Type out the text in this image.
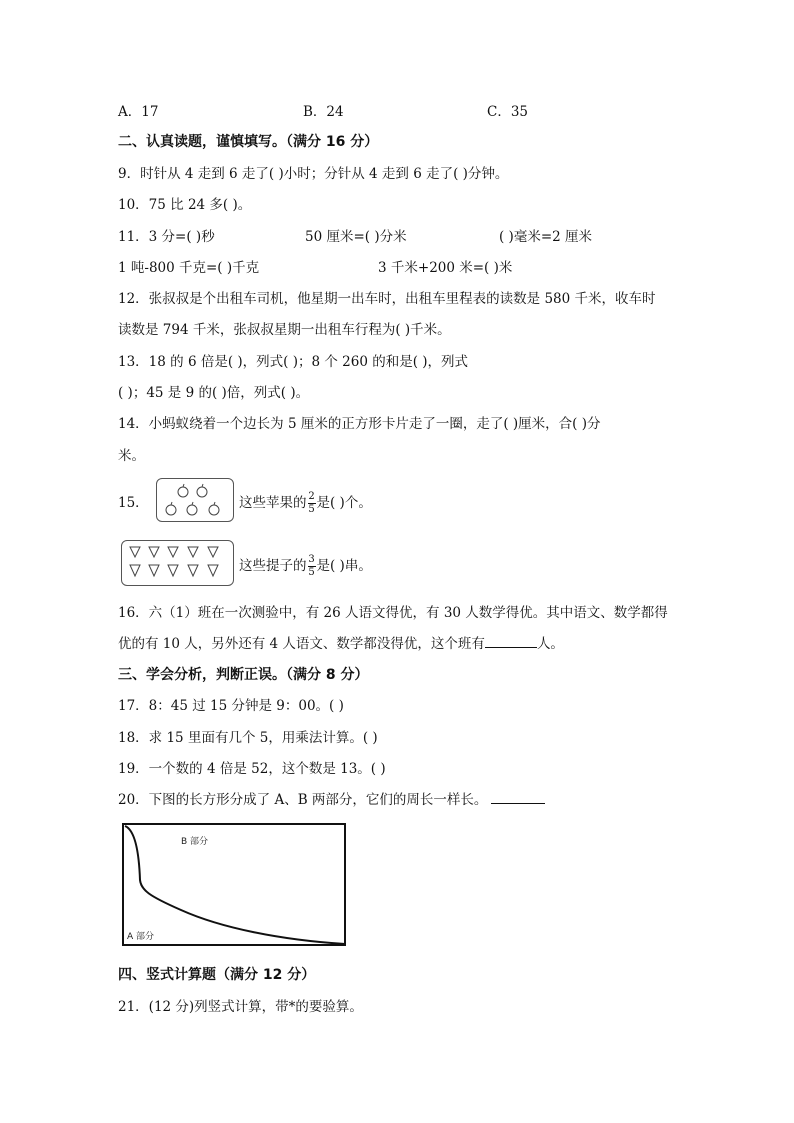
A．17	B．24	C．35
二、认真读题，谨慎填写。（满分 16 分）
9．时针从 4 走到 6 走了( )小时；分针从 4 走到 6 走了( )分钟。
10．75 比 24 多( )。
11．3 分=( )秒	50 厘米=( )分米	( )毫米=2 厘米
1 吨-800 千克=( )千克	3 千米+200 米=( )米
12．张叔叔是个出租车司机，他星期一出车时，出租车里程表的读数是 580 千米，收车时
读数是 794 千米，张叔叔星期一出租车行程为( )千米。
13．18 的 6 倍是( )，列式( )；8 个 260 的和是( )，列式
( )；45 是 9 的( )倍，列式( )。
14．小蚂蚁绕着一个边长为 5 厘米的正方形卡片走了一圈，走了( )厘米，合( )分
米。
15．	这些苹果的 $\frac{2}{5}$ 是( )个。
这些提子的 $\frac{3}{5}$ 是( )串。
16．六（1）班在一次测验中，有 26 人语文得优，有 30 人数学得优。其中语文、数学都得
优的有 10 人，另外还有 4 人语文、数学都没得优，这个班有	人。
三、学会分析，判断正误。（满分 8 分）
17．8：45 过 15 分钟是 9：00。( )
18．求 15 里面有几个 5，用乘法计算。( )
19．一个数的 4 倍是 52，这个数是 13。( )
20．下图的长方形分成了 A、B 两部分，它们的周长一样长。
B 部分
A 部分
四、竖式计算题（满分 12 分）
21．(12 分)列竖式计算，带*的要验算。
